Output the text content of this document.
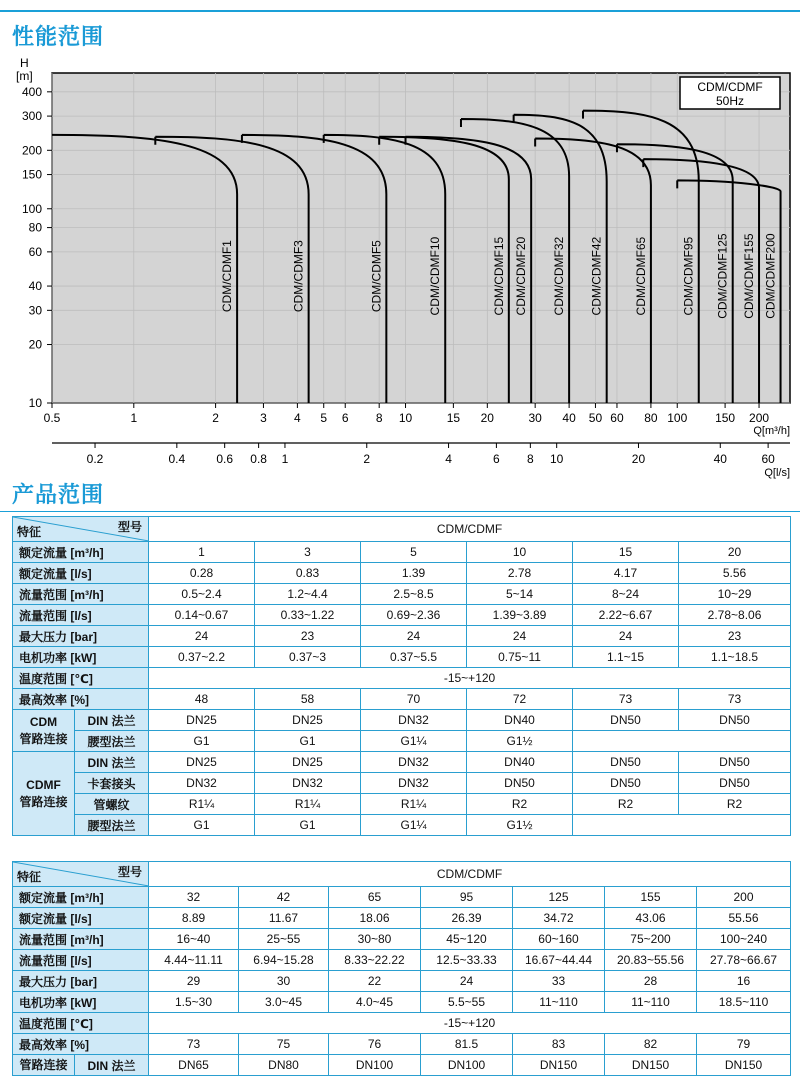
性能范围
H
[m]
400
300
200
150
100
80
60
40
30
20
10
0.5	1	2	3 4 5 6 8 10	15 20	30 40 50 60 80 100 150 200
Q[m³/h]
0.2	0.4	0.6 0.8 1	2	4	6 8 10	20	40	60
Q[l/s]
CDM/CDMF1	CDM/CDMF3	CDM/CDMF5	CDM/CDMF10	CDM/CDMF15 CDM/CDMF20 CDM/CDMF32 CDM/CDMF42	CDM/CDMF65	CDM/CDMF95 CDM/CDMF125 CDM/CDMF155 CDM/CDMF200
CDM/CDMF
50Hz
产品范围
型号
特征		CDM/CDMF					
额定流量 [m³/h]		1	3	5	10	15	20
额定流量 [l/s]		0.28	0.83	1.39	2.78	4.17	5.56
流量范围 [m³/h]		0.5~2.4	1.2~4.4	2.5~8.5	5~14	8~24	10~29
流量范围 [l/s]		0.14~0.67	0.33~1.22	0.69~2.36	1.39~3.89	2.22~6.67	2.78~8.06
最大压力 [bar]		24	23	24	24	24	23
电机功率 [kW]		0.37~2.2	0.37~3	0.37~5.5	0.75~11	1.1~15	1.1~18.5
温度范围 [℃]		-15~+120					
最高效率 [%]		48	58	70	72	73	73

CDM
管路连接	DIN 法兰	DN25	DN25	DN32	DN40	DN50	DN50
	腰型法兰	G1	G1	G1¼	G1½		

CDMF
管路连接	DIN 法兰	DN25	DN25	DN32	DN40	DN50	DN50
	卡套接头	DN32	DN32	DN32	DN50	DN50	DN50
	管螺纹	R1¼	R1¼	R1¼	R2	R2	R2
	腰型法兰	G1	G1	G1¼	G1½		
型号
特征		CDM/CDMF						
额定流量 [m³/h]		32	42	65	95	125	155	200
额定流量 [l/s]		8.89	11.67	18.06	26.39	34.72	43.06	55.56
流量范围 [m³/h]		16~40	25~55	30~80	45~120	60~160	75~200	100~240
流量范围 [l/s]		4.44~11.11	6.94~15.28	8.33~22.22	12.5~33.33	16.67~44.44	20.83~55.56	27.78~66.67
最大压力 [bar]		29	30	22	24	33	28	16
电机功率 [kW]		1.5~30	3.0~45	4.0~45	5.5~55	11~110	11~110	18.5~110
温度范围 [℃]		-15~+120						
最高效率 [%]		73	75	76	81.5	83	82	79
管路连接	DIN 法兰	DN65	DN80	DN100	DN100	DN150	DN150	DN150
